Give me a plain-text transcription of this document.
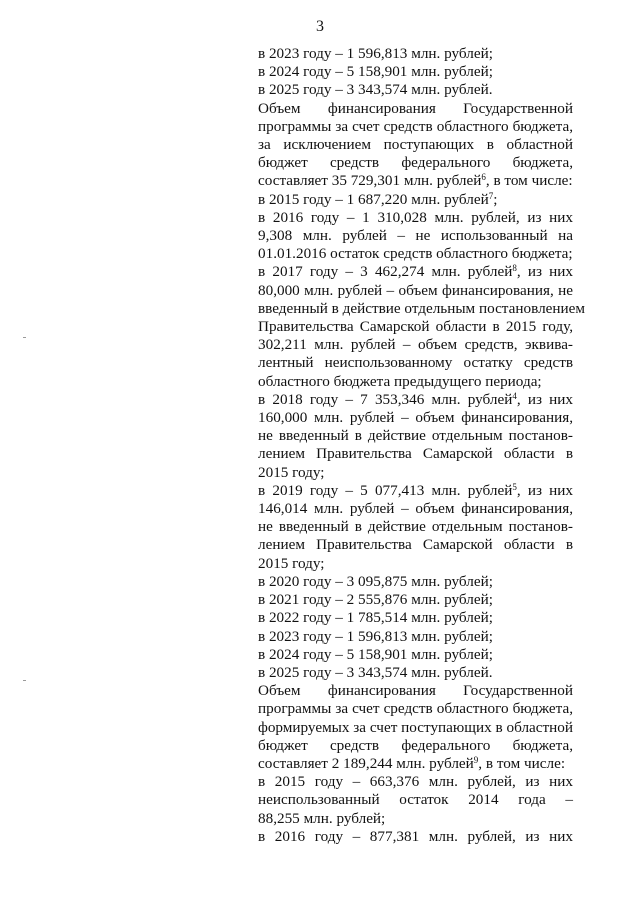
3
в 2023 году – 1 596,813 млн. рублей;
в 2024 году – 5 158,901 млн. рублей;
в 2025 году – 3 343,574 млн. рублей.
Объем финансирования Государственной
программы за счет средств областного бюджета,
за исключением поступающих в областной
бюджет средств федерального бюджета,
составляет 35 729,301 млн. рублей$^6$, в том числе:
в 2015 году – 1 687,220 млн. рублей$^7$;
в 2016 году – 1 310,028 млн. рублей, из них
9,308 млн. рублей – не использованный на
01.01.2016 остаток средств областного бюджета;
в 2017 году – 3 462,274 млн. рублей$^8$, из них
80,000 млн. рублей – объем финансирования, не
введенный в действие отдельным постановлением
Правительства Самарской области в 2015 году,
302,211 млн. рублей – объем средств, эквива-
лентный неиспользованному остатку средств
областного бюджета предыдущего периода;
в 2018 году – 7 353,346 млн. рублей$^4$, из них
160,000 млн. рублей – объем финансирования,
не введенный в действие отдельным постанов-
лением Правительства Самарской области в
2015 году;
в 2019 году – 5 077,413 млн. рублей$^5$, из них
146,014 млн. рублей – объем финансирования,
не введенный в действие отдельным постанов-
лением Правительства Самарской области в
2015 году;
в 2020 году – 3 095,875 млн. рублей;
в 2021 году – 2 555,876 млн. рублей;
в 2022 году – 1 785,514 млн. рублей;
в 2023 году – 1 596,813 млн. рублей;
в 2024 году – 5 158,901 млн. рублей;
в 2025 году – 3 343,574 млн. рублей.
Объем финансирования Государственной
программы за счет средств областного бюджета,
формируемых за счет поступающих в областной
бюджет средств федерального бюджета,
составляет 2 189,244 млн. рублей$^9$, в том числе:
в 2015 году – 663,376 млн. рублей, из них
неиспользованный остаток 2014 года –
88,255 млн. рублей;
в 2016 году – 877,381 млн. рублей, из них
